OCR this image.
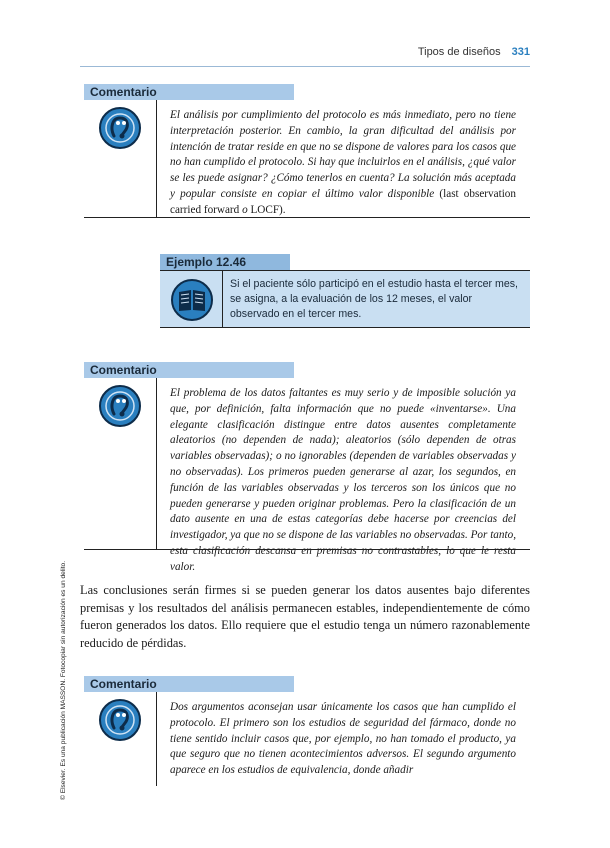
Tipos de diseños 331
Comentario
El análisis por cumplimiento del protocolo es más inmediato, pero no tiene interpretación posterior. En cambio, la gran dificultad del análisis por intención de tratar reside en que no se dispone de valores para los casos que no han cumplido el protocolo. Si hay que incluirlos en el análisis, ¿qué valor se les puede asignar? ¿Cómo tenerlos en cuenta? La solución más aceptada y popular consiste en copiar el último valor disponible (last observation carried forward o LOCF).
Ejemplo 12.46
Si el paciente sólo participó en el estudio hasta el tercer mes, se asigna, a la evaluación de los 12 meses, el valor observado en el tercer mes.
Comentario
El problema de los datos faltantes es muy serio y de imposible solución ya que, por definición, falta información que no puede «inventarse». Una elegante clasificación distingue entre datos ausentes completamente aleatorios (no dependen de nada); aleatorios (sólo dependen de otras variables observadas); o no ignorables (dependen de variables observadas y no observadas). Los primeros pueden generarse al azar, los segundos, en función de las variables observadas y los terceros son los únicos que no pueden generarse y pueden originar problemas. Pero la clasificación de un dato ausente en una de estas categorías debe hacerse por creencias del investigador, ya que no se dispone de las variables no observadas. Por tanto, esta clasificación descansa en premisas no contrastables, lo que le resta valor.
Las conclusiones serán firmes si se pueden generar los datos ausentes bajo diferentes premisas y los resultados del análisis permanecen estables, independientemente de cómo fueron generados los datos. Ello requiere que el estudio tenga un número razonablemente reducido de pérdidas.
Comentario
Dos argumentos aconsejan usar únicamente los casos que han cumplido el protocolo. El primero son los estudios de seguridad del fármaco, donde no tiene sentido incluir casos que, por ejemplo, no han tomado el producto, ya que seguro que no tienen acontecimientos adversos. El segundo argumento aparece en los estudios de equivalencia, donde añadir
© Elsevier. Es una publicación MASSON. Fotocopiar sin autorización es un delito.
